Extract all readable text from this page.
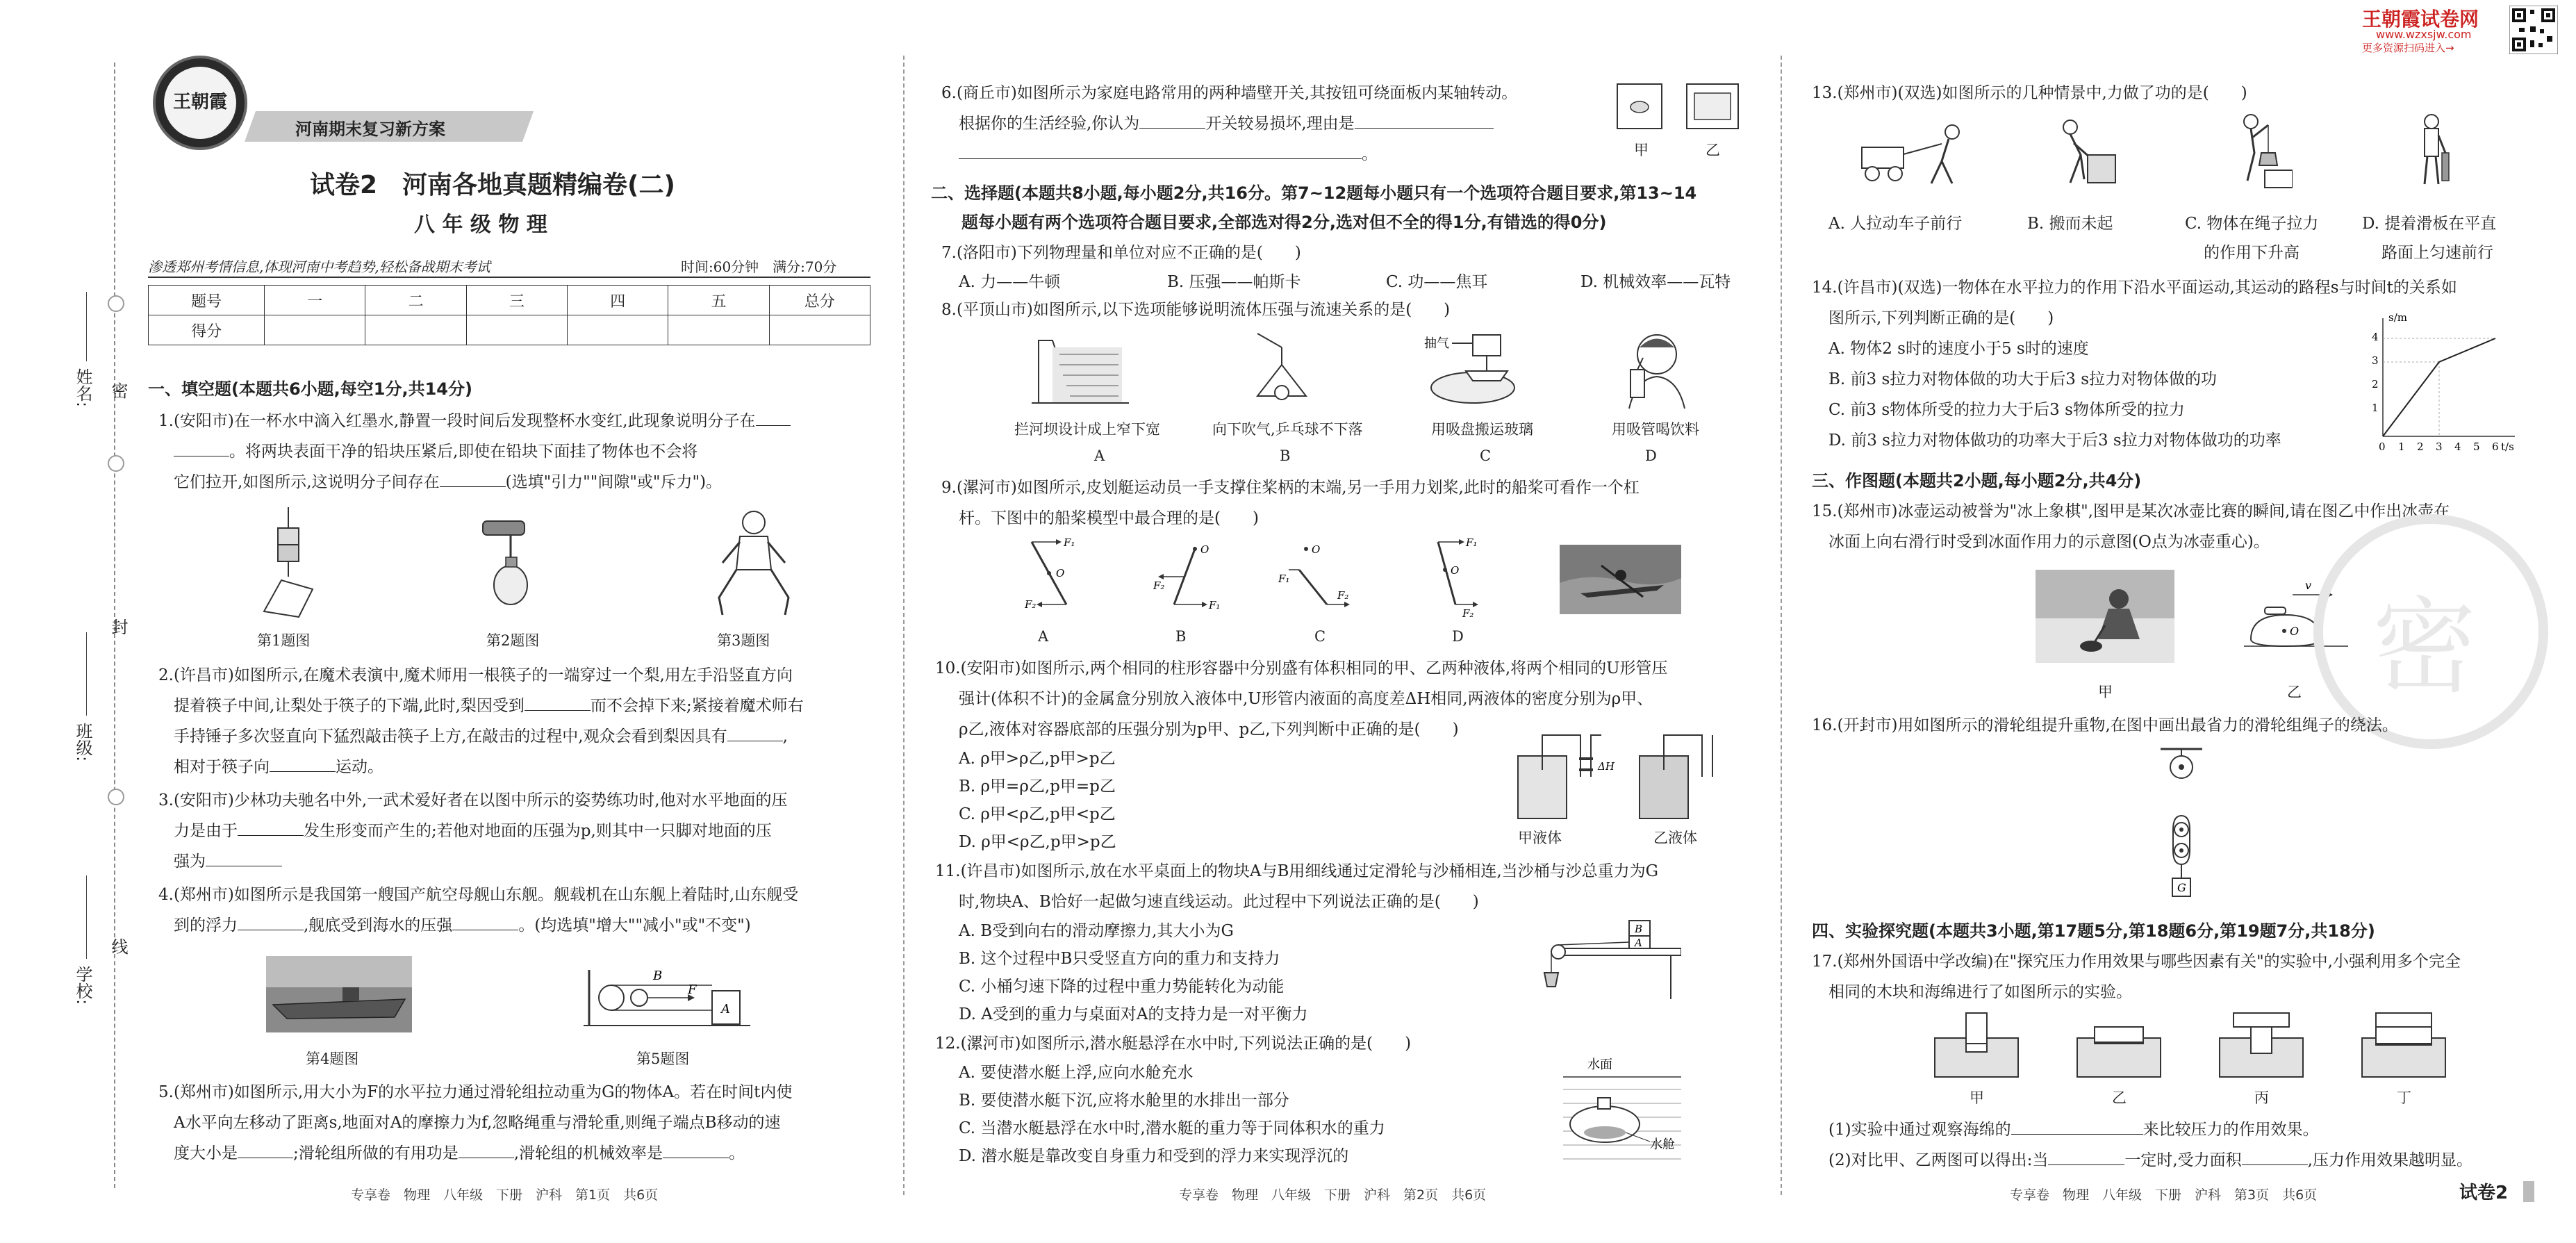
密
封
线
姓名:
班级:
学校:
王朝霞
河南期末复习新方案
试卷2　河南各地真题精编卷(二)
八 年 级 物 理
渗透郑州考情信息,体现河南中考趋势,轻松备战期末考试	时间:60分钟　满分:70分
题号	一	二	三	四	五	总分
得分						
一、填空题(本题共6小题,每空1分,共14分)
1.(安阳市)在一杯水中滴入红墨水,静置一段时间后发现整杯水变红,此现象说明分子在
。将两块表面干净的铅块压紧后,即使在铅块下面挂了物体也不会将
它们拉开,如图所示,这说明分子间存在	(选填"引力""间隙"或"斥力")。
第1题图	第2题图	第3题图
2.(许昌市)如图所示,在魔术表演中,魔术师用一根筷子的一端穿过一个梨,用左手沿竖直方向
提着筷子中间,让梨处于筷子的下端,此时,梨因受到	而不会掉下来;紧接着魔术师右
手持锤子多次竖直向下猛烈敲击筷子上方,在敲击的过程中,观众会看到梨因具有	,
相对于筷子向	运动。
3.(安阳市)少林功夫驰名中外,一武术爱好者在以图中所示的姿势练功时,他对水平地面的压
力是由于	发生形变而产生的;若他对地面的压强为p,则其中一只脚对地面的压
强为
4.(郑州市)如图所示是我国第一艘国产航空母舰山东舰。舰载机在山东舰上着陆时,山东舰受
到的浮力	,舰底受到海水的压强	。(均选填"增大""减小"或"不变")
第4题图
B
F
A
第5题图
5.(郑州市)如图所示,用大小为F的水平拉力通过滑轮组拉动重为G的物体A。若在时间t内使
A水平向左移动了距离s,地面对A的摩擦力为f,忽略绳重与滑轮重,则绳子端点B移动的速
度大小是	;滑轮组所做的有用功是	,滑轮组的机械效率是	。
专享卷　物理　八年级　下册　沪科　第1页　共6页
6.(商丘市)如图所示为家庭电路常用的两种墙壁开关,其按钮可绕面板内某轴转动。
根据你的生活经验,你认为	开关较易损坏,理由是
。	甲	乙
二、选择题(本题共8小题,每小题2分,共16分。第7~12题每小题只有一个选项符合题目要求,第13~14
题每小题有两个选项符合题目要求,全部选对得2分,选对但不全的得1分,有错选的得0分)
7.(洛阳市)下列物理量和单位对应不正确的是(　　)
A. 力——牛顿	B. 压强——帕斯卡	C. 功——焦耳	D. 机械效率——瓦特
8.(平顶山市)如图所示,以下选项能够说明流体压强与流速关系的是(　　)
抽气
拦河坝设计成上窄下宽	向下吹气,乒乓球不下落	用吸盘搬运玻璃	用吸管喝饮料
A	B	C	D
9.(漯河市)如图所示,皮划艇运动员一手支撑住桨柄的末端,另一手用力划桨,此时的船桨可看作一个杠
杆。下图中的船桨模型中最合理的是(　　)
F₁
O
F₂
O
F₂
F₁
O
F₁
F₂
F₁
O
F₂
A	B	C	D
10.(安阳市)如图所示,两个相同的柱形容器中分别盛有体积相同的甲、乙两种液体,将两个相同的U形管压
强计(体积不计)的金属盒分别放入液体中,U形管内液面的高度差ΔH相同,两液体的密度分别为ρ甲、
ρ乙,液体对容器底部的压强分别为p甲、p乙,下列判断中正确的是(　　)
A. ρ甲>ρ乙,p甲>p乙
B. ρ甲=ρ乙,p甲=p乙
C. ρ甲<ρ乙,p甲<p乙
D. ρ甲<ρ乙,p甲>p乙
ΔH
甲液体	乙液体
11.(许昌市)如图所示,放在水平桌面上的物块A与B用细线通过定滑轮与沙桶相连,当沙桶与沙总重力为G
时,物块A、B恰好一起做匀速直线运动。此过程中下列说法正确的是(　　)
A. B受到向右的滑动摩擦力,其大小为G
B. 这个过程中B只受竖直方向的重力和支持力
C. 小桶匀速下降的过程中重力势能转化为动能
D. A受到的重力与桌面对A的支持力是一对平衡力
B
A
12.(漯河市)如图所示,潜水艇悬浮在水中时,下列说法正确的是(　　)
A. 要使潜水艇上浮,应向水舱充水
B. 要使潜水艇下沉,应将水舱里的水排出一部分
C. 当潜水艇悬浮在水中时,潜水艇的重力等于同体积水的重力
D. 潜水艇是靠改变自身重力和受到的浮力来实现浮沉的
水面
水舱
专享卷　物理　八年级　下册　沪科　第2页　共6页
王朝霞试卷网
www.wzxsjw.com
更多资源扫码进入→
13.(郑州市)(双选)如图所示的几种情景中,力做了功的是(　　)
A. 人拉动车子前行	B. 搬而未起	C. 物体在绳子拉力	D. 提着滑板在平直
的作用下升高	路面上匀速前行
14.(许昌市)(双选)一物体在水平拉力的作用下沿水平面运动,其运动的路程s与时间t的关系如
图所示,下列判断正确的是(　　)
A. 物体2 s时的速度小于5 s时的速度
B. 前3 s拉力对物体做的功大于后3 s拉力对物体做的功
C. 前3 s物体所受的拉力大于后3 s物体所受的拉力
D. 前3 s拉力对物体做功的功率大于后3 s拉力对物体做功的功率
s/m
t/s
0 1 2 3 4 5 6
1
2
3
4
三、作图题(本题共2小题,每小题2分,共4分)
15.(郑州市)冰壶运动被誉为"冰上象棋",图甲是某次冰壶比赛的瞬间,请在图乙中作出冰壶在
冰面上向右滑行时受到冰面作用力的示意图(O点为冰壶重心)。
v
O
甲	乙 密
16.(开封市)用如图所示的滑轮组提升重物,在图中画出最省力的滑轮组绳子的绕法。
G
四、实验探究题(本题共3小题,第17题5分,第18题6分,第19题7分,共18分)
17.(郑州外国语中学改编)在"探究压力作用效果与哪些因素有关"的实验中,小强利用多个完全
相同的木块和海绵进行了如图所示的实验。
甲	乙	丙	丁
(1)实验中通过观察海绵的	来比较压力的作用效果。
(2)对比甲、乙两图可以得出:当	一定时,受力面积	,压力作用效果越明显。
专享卷　物理　八年级　下册　沪科　第3页　共6页	试卷2
